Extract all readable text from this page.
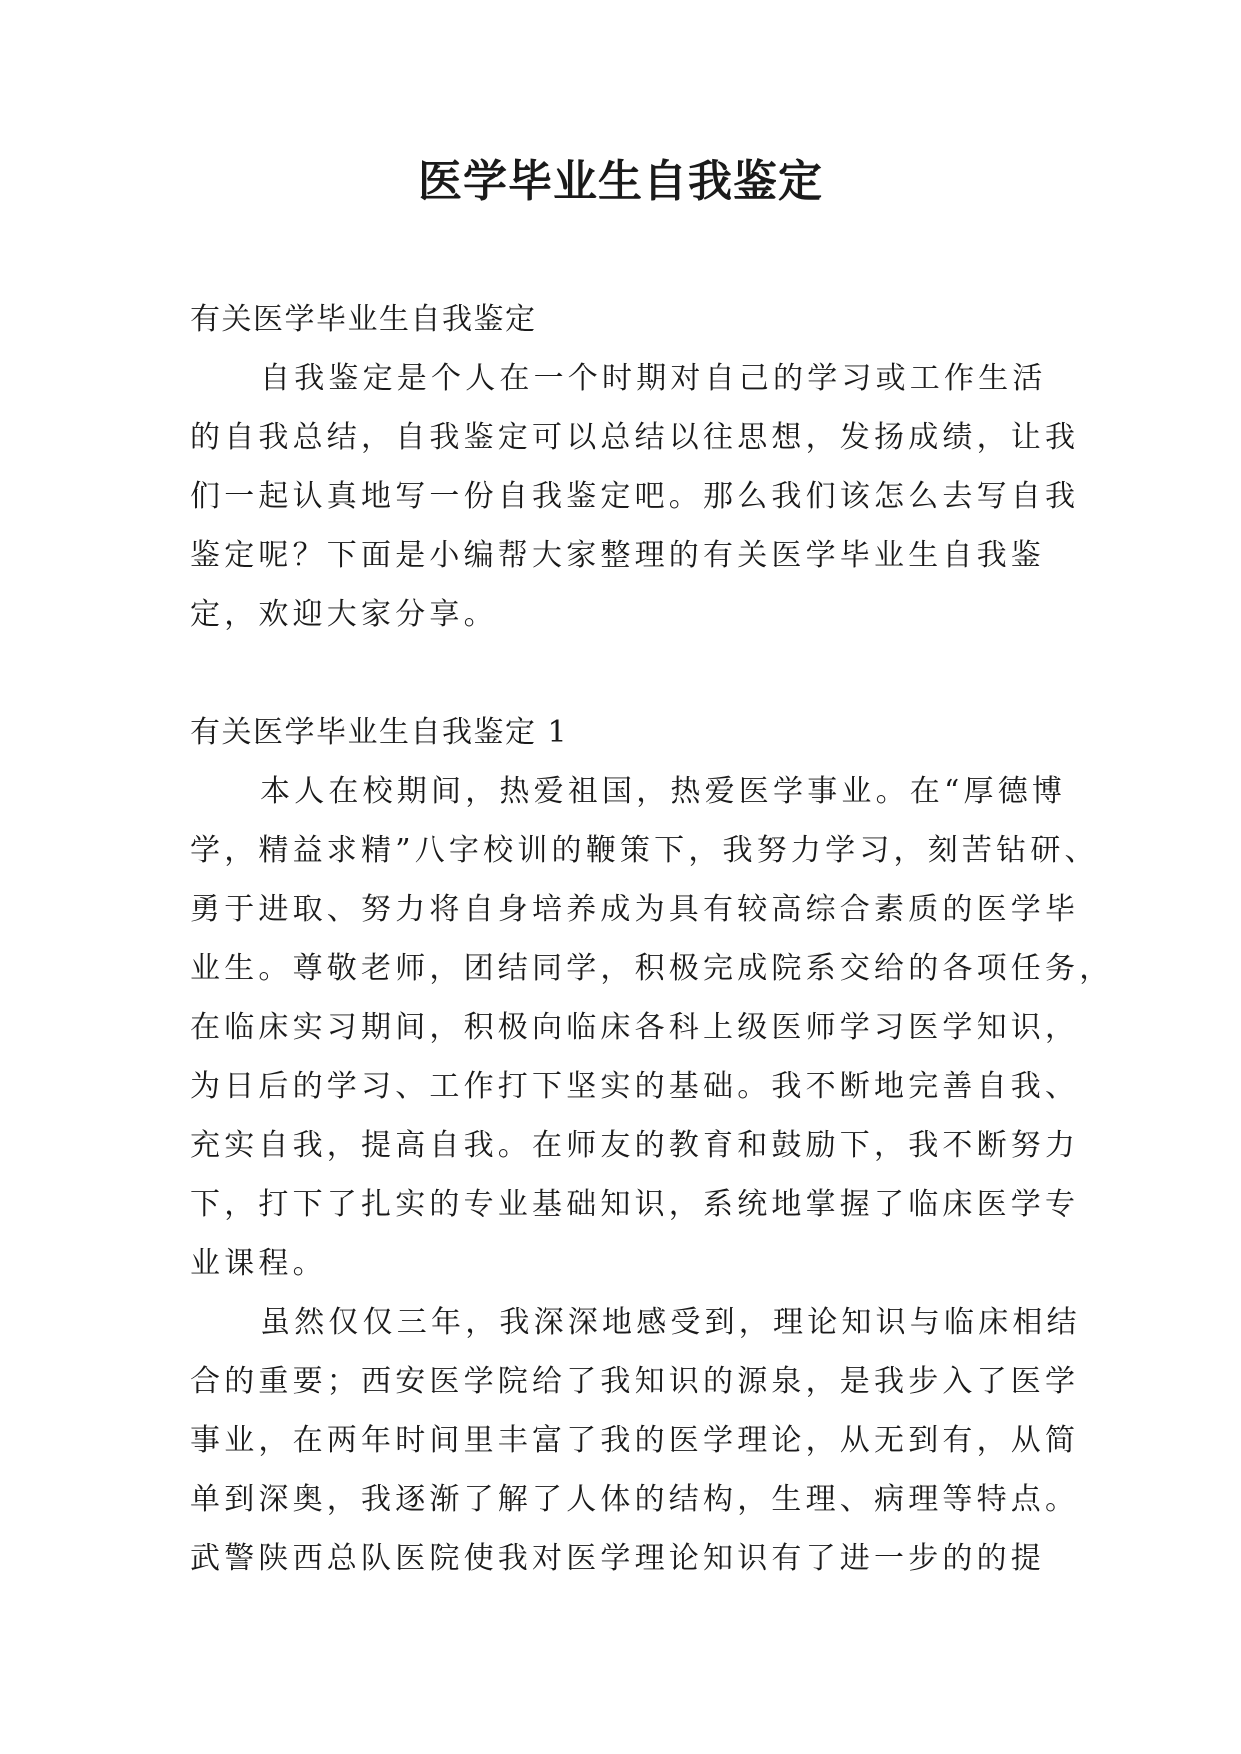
医学毕业生自我鉴定

有关医学毕业生自我鉴定

自我鉴定是个人在一个时期对自己的学习或工作生活

的自我总结，自我鉴定可以总结以往思想，发扬成绩，让我

们一起认真地写一份自我鉴定吧。那么我们该怎么去写自我

鉴定呢？下面是小编帮大家整理的有关医学毕业生自我鉴

定，欢迎大家分享。

有关医学毕业生自我鉴定 1

本人在校期间，热爱祖国，热爱医学事业。在“厚德博

学，精益求精”八字校训的鞭策下，我努力学习，刻苦钻研、

勇于进取、努力将自身培养成为具有较高综合素质的医学毕

业生。尊敬老师，团结同学，积极完成院系交给的各项任务，

在临床实习期间，积极向临床各科上级医师学习医学知识，

为日后的学习、工作打下坚实的基础。我不断地完善自我、

充实自我，提高自我。在师友的教育和鼓励下，我不断努力

下，打下了扎实的专业基础知识，系统地掌握了临床医学专

业课程。

虽然仅仅三年，我深深地感受到，理论知识与临床相结

合的重要；西安医学院给了我知识的源泉，是我步入了医学

事业，在两年时间里丰富了我的医学理论，从无到有，从简

单到深奥，我逐渐了解了人体的结构，生理、病理等特点。

武警陕西总队医院使我对医学理论知识有了进一步的的提
